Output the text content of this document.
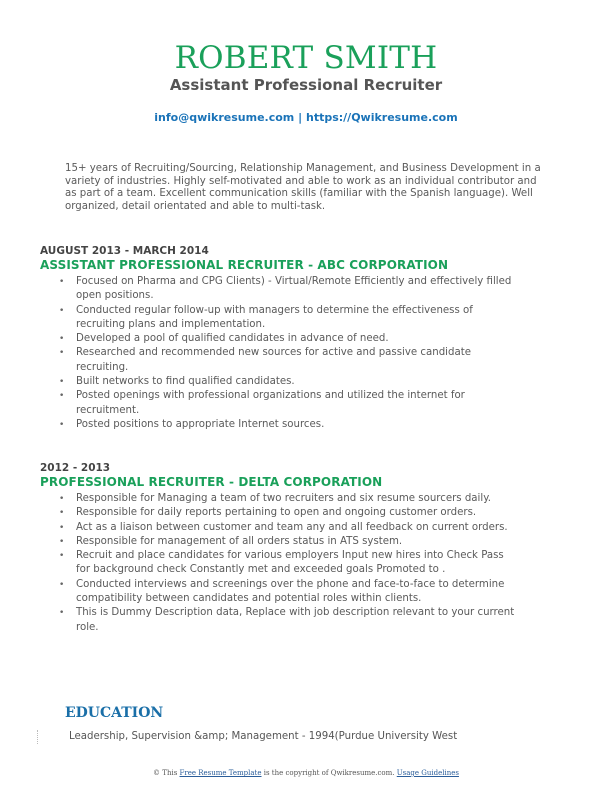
ROBERT SMITH
Assistant Professional Recruiter
info@qwikresume.com | https://Qwikresume.com
15+ years of Recruiting/Sourcing, Relationship Management, and Business Development in a variety of industries. Highly self-motivated and able to work as an individual contributor and as part of a team. Excellent communication skills (familiar with the Spanish language). Well organized, detail orientated and able to multi-task.
AUGUST 2013 - MARCH 2014
ASSISTANT PROFESSIONAL RECRUITER - ABC CORPORATION
• Focused on Pharma and CPG Clients) - Virtual/Remote Efficiently and effectively filled open positions.
• Conducted regular follow-up with managers to determine the effectiveness of recruiting plans and implementation.
• Developed a pool of qualified candidates in advance of need.
• Researched and recommended new sources for active and passive candidate recruiting.
• Built networks to find qualified candidates.
• Posted openings with professional organizations and utilized the internet for recruitment.
• Posted positions to appropriate Internet sources.
2012 - 2013
PROFESSIONAL RECRUITER - DELTA CORPORATION
• Responsible for Managing a team of two recruiters and six resume sourcers daily.
• Responsible for daily reports pertaining to open and ongoing customer orders.
• Act as a liaison between customer and team any and all feedback on current orders.
• Responsible for management of all orders status in ATS system.
• Recruit and place candidates for various employers Input new hires into Check Pass for background check Constantly met and exceeded goals Promoted to .
• Conducted interviews and screenings over the phone and face-to-face to determine compatibility between candidates and potential roles within clients.
• This is Dummy Description data, Replace with job description relevant to your current role.
EDUCATION
Leadership, Supervision &amp; Management - 1994(Purdue University West
© This Free Resume Template is the copyright of Qwikresume.com. Usage Guidelines
